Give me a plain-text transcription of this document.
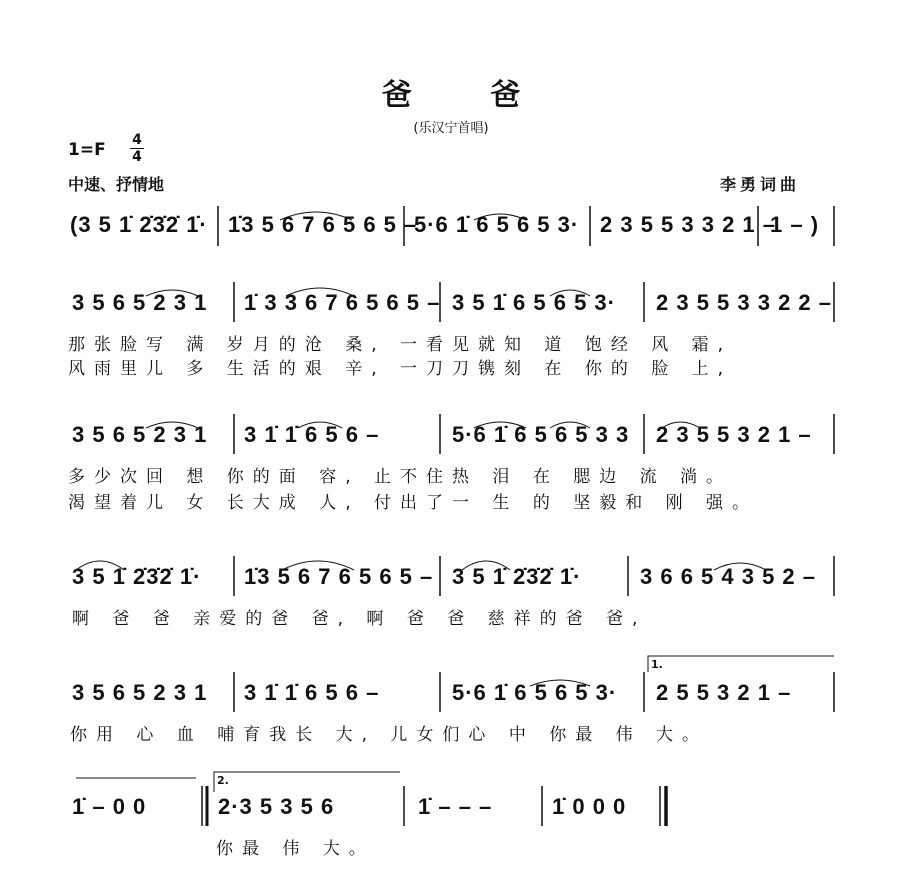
爸 爸
(乐汉宁首唱)
1=F 4
4
中速、抒情地	李勇词曲
(3 5 1̇ 2̇3̇2̇ 1̇· 1̇3 5 6 7 6 5 6 5 –
5·6 1̇ 6 5 6 5 3· 2 3 5 5 3 3 2 1 –
1 – )
3 5 6 5 2 3 1 1̇ 3 3 6 7 6 5 6 5 – 3 5 1̇ 6 5 6 5 3· 2 3 5 5 3 3 2 2 –
那张脸写 满 岁月的沧 桑, 一看见就知 道 饱经 风 霜,
风雨里儿 多 生活的艰 辛, 一刀刀镌刻 在 你的 脸 上,
3 5 6 5 2 3 1 3 1̇ 1̇ 6 5 6 –	5·6 1̇ 6 5 6 5 3 3 2 3 5 5 3 2 1 –
多少次回 想 你的面 容, 止不住热 泪 在 腮边 流 淌。
渴望着儿 女 长大成 人, 付出了一 生 的 坚毅和 刚 强。
3 5 1̇ 2̇3̇2̇ 1̇· 1̇3 5 6 7 6 5 6 5 – 3 5 1̇ 2̇3̇2̇ 1̇·	3 6 6 5 4 3 5 2 –
啊 爸 爸 亲爱的爸 爸, 啊 爸 爸 慈祥的爸 爸,
3 5 6 5 2 3 1 3 1̇ 1̇ 6 5 6 –	5·6 1̇ 6 5 6 5 3· 2 5 5 3 2 1 –
你用 心 血 哺育我长 大, 儿女们心 中 你最 伟 大。
1.
1̇ – 0 0	2·3 5 3 5 6	1̇ – – –	1̇ 0 0 0
你最 伟 大。
2.
